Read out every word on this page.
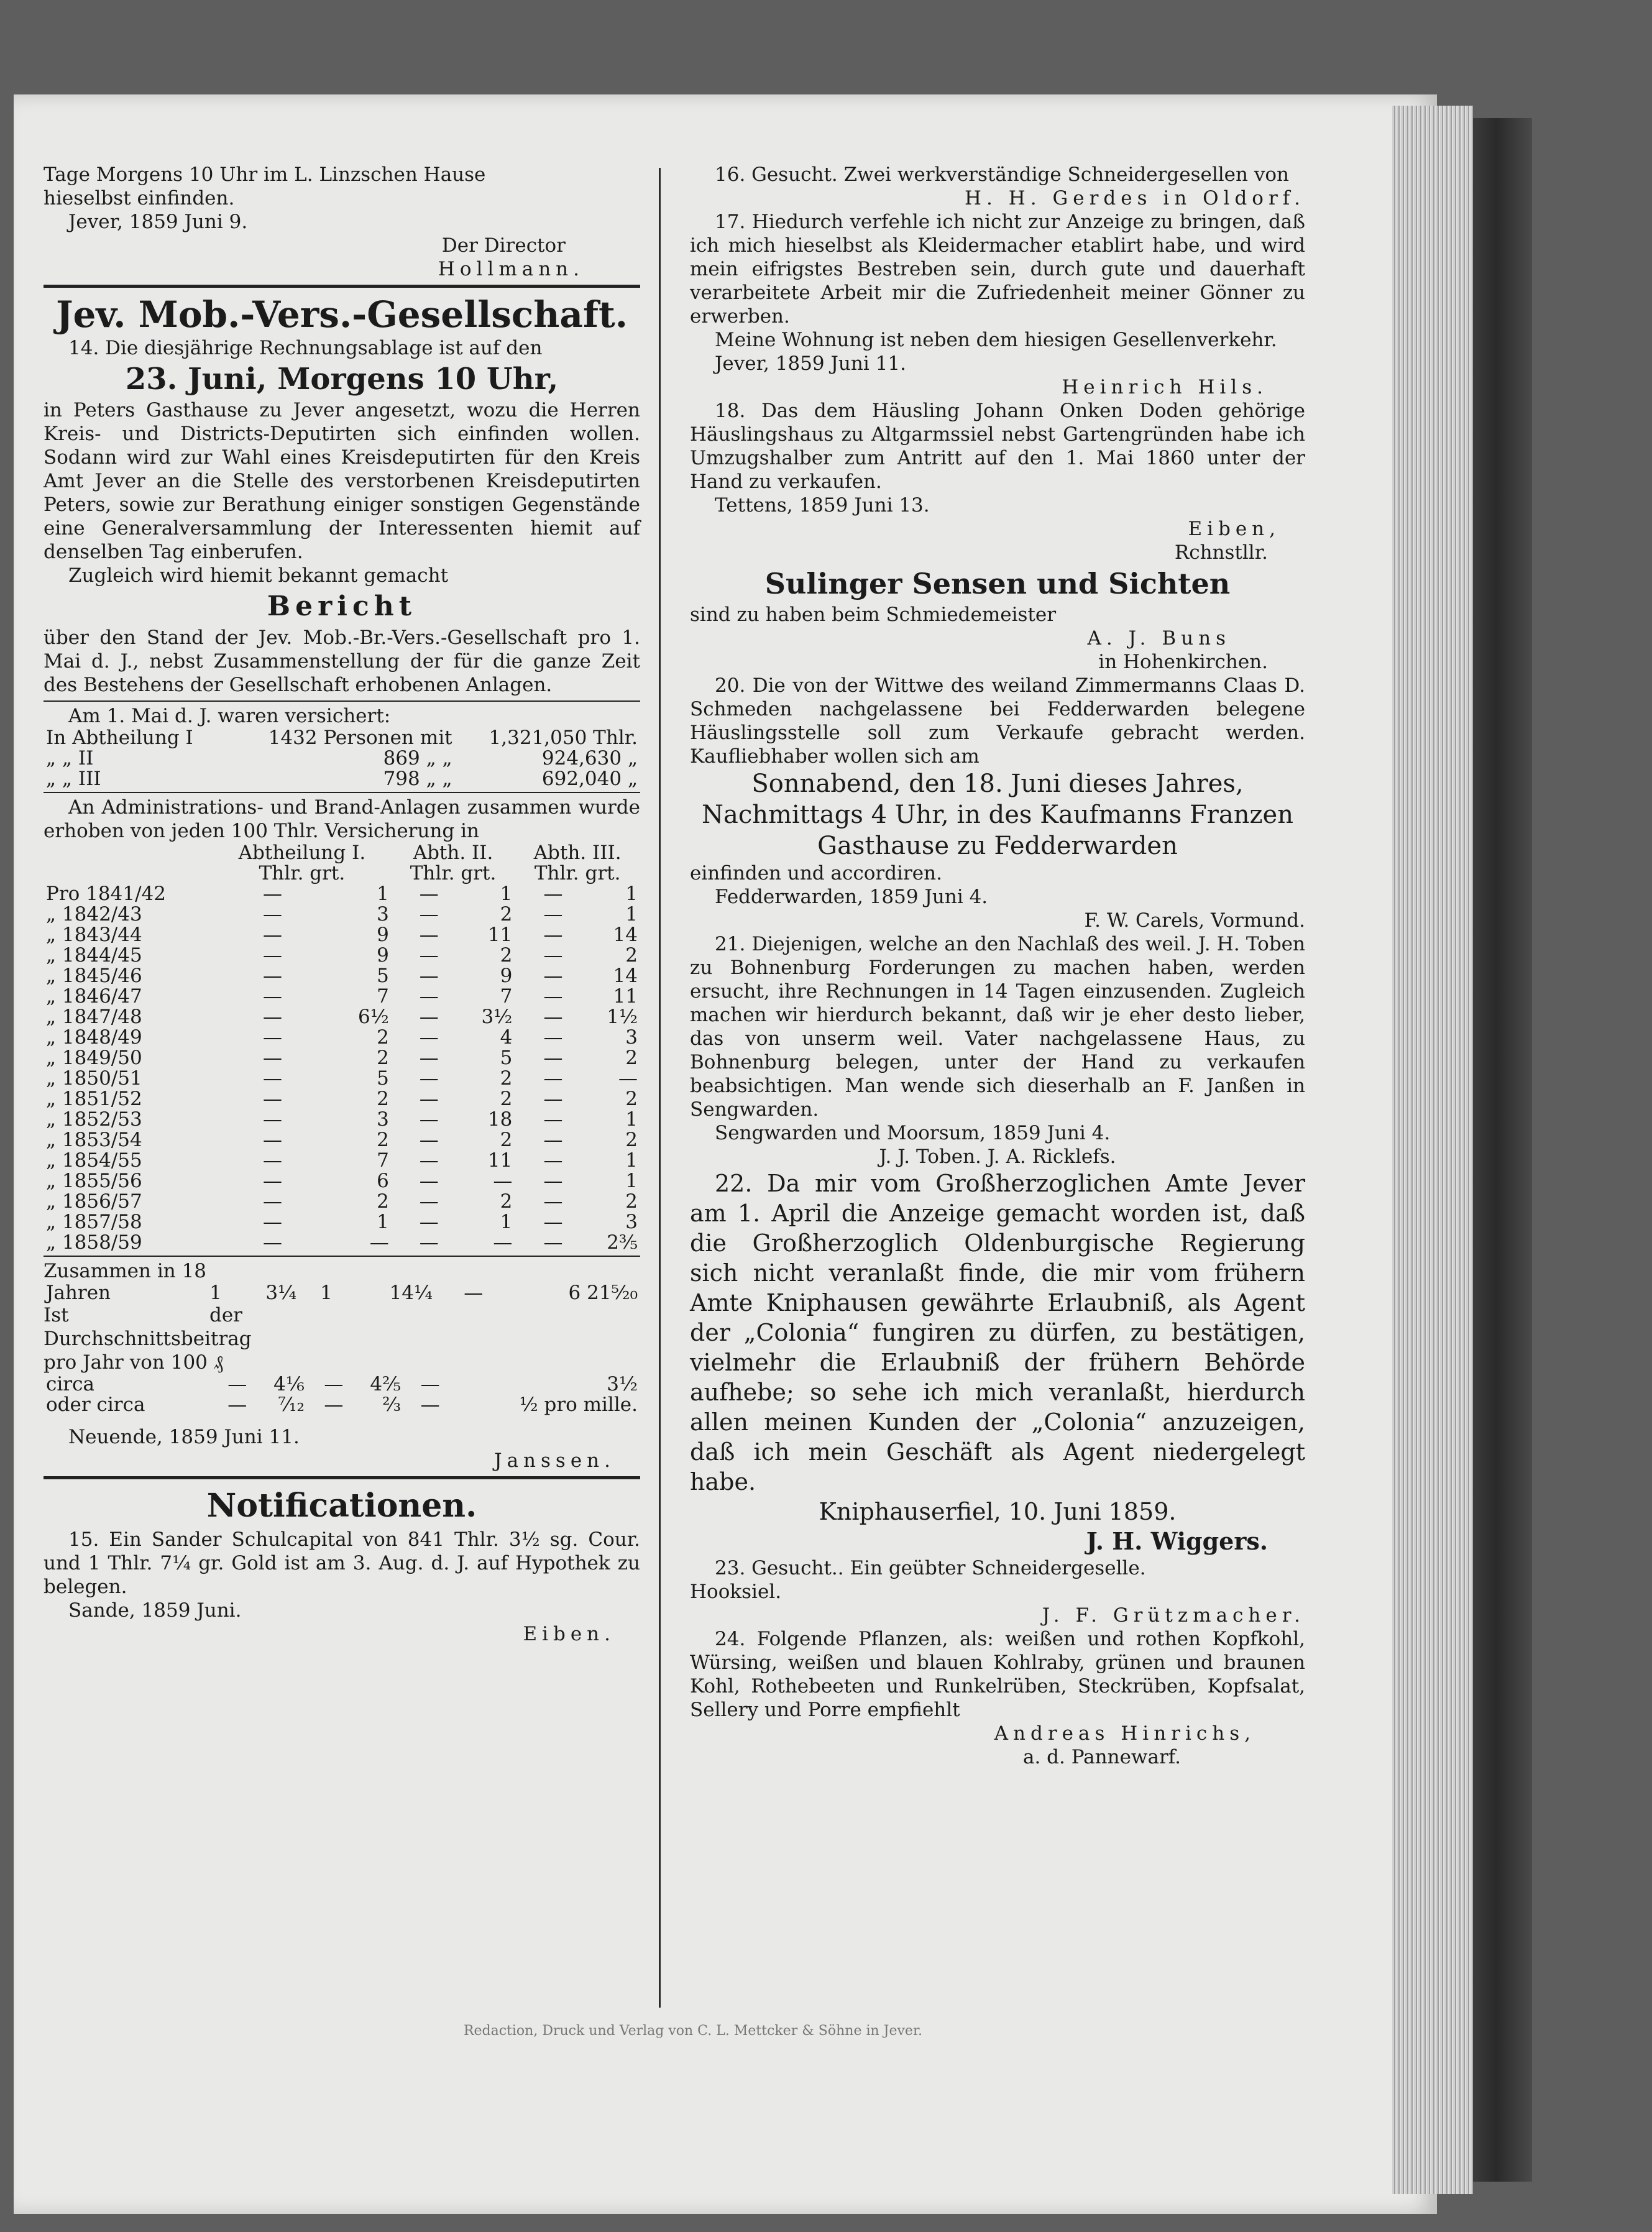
Tage Morgens 10 Uhr im L. Linzschen Hause

hieselbst einfinden.

Jever, 1859 Juni 9.

Der Director

Hollmann.

Jev. Mob.-Vers.-Gesellschaft.

14. Die diesjährige Rechnungsablage ist auf den

23. Juni, Morgens 10 Uhr,

in Peters Gasthause zu Jever angesetzt, wozu die Herren Kreis- und Districts-Deputirten sich einfinden wollen. Sodann wird zur Wahl eines Kreisdeputirten für den Kreis Amt Jever an die Stelle des verstorbenen Kreisdeputirten Peters, sowie zur Berathung einiger sonstigen Gegenstände eine Generalversammlung der Interessenten hiemit auf denselben Tag einberufen.

Zugleich wird hiemit bekannt gemacht

Bericht

über den Stand der Jev. Mob.-Br.-Vers.-Gesellschaft pro 1. Mai d. J., nebst Zusammenstellung der für die ganze Zeit des Bestehens der Gesellschaft erhobenen Anlagen.

Am 1. Mai d. J. waren versichert:

In Abtheilung I	1432 Personen mit	1,321,050 Thlr.
„ „ II	869 „ „	924,630 „
„ „ III	798 „ „	692,040 „

An Administrations- und Brand-Anlagen zusammen wurde erhoben von jeden 100 Thlr. Versicherung in

	Abtheilung I.		Abth. II.		Abth. III.	
	Thlr. grt.		Thlr. grt.		Thlr. grt.	
Pro 1841/42	—	1	—	1	—	1
„ 1842/43	—	3	—	2	—	1
„ 1843/44	—	9	—	11	—	14
„ 1844/45	—	9	—	2	—	2
„ 1845/46	—	5	—	9	—	14
„ 1846/47	—	7	—	7	—	11
„ 1847/48	—	6½	—	3½	—	1½
„ 1848/49	—	2	—	4	—	3
„ 1849/50	—	2	—	5	—	2
„ 1850/51	—	5	—	2	—	—
„ 1851/52	—	2	—	2	—	2
„ 1852/53	—	3	—	18	—	1
„ 1853/54	—	2	—	2	—	2
„ 1854/55	—	7	—	11	—	1
„ 1855/56	—	6	—	—	—	1
„ 1856/57	—	2	—	2	—	2
„ 1857/58	—	1	—	1	—	3
„ 1858/59	—	—	—	—	—	2⅗

Zusammen in 18

Jahren	1	3¼	1	14¼	—	6 21⁵⁄₂₀

Ist der Durchschnittsbeitrag pro Jahr von 100 ₰

circa	—	4⅙	—	4⅖	—	3½
oder circa	—	⁷⁄₁₂	—	⅔	—	½ pro mille.

Neuende, 1859 Juni 11.

Janssen.

Notificationen.

15. Ein Sander Schulcapital von 841 Thlr. 3½ sg. Cour. und 1 Thlr. 7¼ gr. Gold ist am 3. Aug. d. J. auf Hypothek zu belegen.

Sande, 1859 Juni.

Eiben.

16. Gesucht. Zwei werkverständige Schneidergesellen von

H. H. Gerdes in Oldorf.

17. Hiedurch verfehle ich nicht zur Anzeige zu bringen, daß ich mich hieselbst als Kleidermacher etablirt habe, und wird mein eifrigstes Bestreben sein, durch gute und dauerhaft verarbeitete Arbeit mir die Zufriedenheit meiner Gönner zu erwerben.

Meine Wohnung ist neben dem hiesigen Gesellenverkehr.

Jever, 1859 Juni 11.

Heinrich Hils.

18. Das dem Häusling Johann Onken Doden gehörige Häuslingshaus zu Altgarmssiel nebst Gartengründen habe ich Umzugshalber zum Antritt auf den 1. Mai 1860 unter der Hand zu verkaufen.

Tettens, 1859 Juni 13.

Eiben,

Rchnstllr.

Sulinger Sensen und Sichten

sind zu haben beim Schmiedemeister

A. J. Buns

in Hohenkirchen.

20. Die von der Wittwe des weiland Zimmermanns Claas D. Schmeden nachgelassene bei Fedderwarden belegene Häuslingsstelle soll zum Verkaufe gebracht werden. Kaufliebhaber wollen sich am

Sonnabend, den 18. Juni dieses Jahres, Nachmittags 4 Uhr, in des Kaufmanns Franzen Gasthause zu Fedderwarden

einfinden und accordiren.

Fedderwarden, 1859 Juni 4.

F. W. Carels, Vormund.

21. Diejenigen, welche an den Nachlaß des weil. J. H. Toben zu Bohnenburg Forderungen zu machen haben, werden ersucht, ihre Rechnungen in 14 Tagen einzusenden. Zugleich machen wir hierdurch bekannt, daß wir je eher desto lieber, das von unserm weil. Vater nachgelassene Haus, zu Bohnenburg belegen, unter der Hand zu verkaufen beabsichtigen. Man wende sich dieserhalb an F. Janßen in Sengwarden.

Sengwarden und Moorsum, 1859 Juni 4.

J. J. Toben. J. A. Ricklefs.

22. Da mir vom Großherzoglichen Amte Jever am 1. April die Anzeige gemacht worden ist, daß die Großherzoglich Oldenburgische Regierung sich nicht veranlaßt finde, die mir vom frühern Amte Kniphausen gewährte Erlaubniß, als Agent der „Colonia“ fungiren zu dürfen, zu bestätigen, vielmehr die Erlaubniß der frühern Behörde aufhebe; so sehe ich mich veranlaßt, hierdurch allen meinen Kunden der „Colonia“ anzuzeigen, daß ich mein Geschäft als Agent niedergelegt habe.

Kniphauserfiel, 10. Juni 1859.

J. H. Wiggers.

23. Gesucht.. Ein geübter Schneidergeselle.

Hooksiel.

J. F. Grützmacher.

24. Folgende Pflanzen, als: weißen und rothen Kopfkohl, Würsing, weißen und blauen Kohlraby, grünen und braunen Kohl, Rothebeeten und Runkelrüben, Steckrüben, Kopfsalat, Sellery und Porre empfiehlt

Andreas Hinrichs,

a. d. Pannewarf.

Redaction, Druck und Verlag von C. L. Mettcker & Söhne in Jever.
